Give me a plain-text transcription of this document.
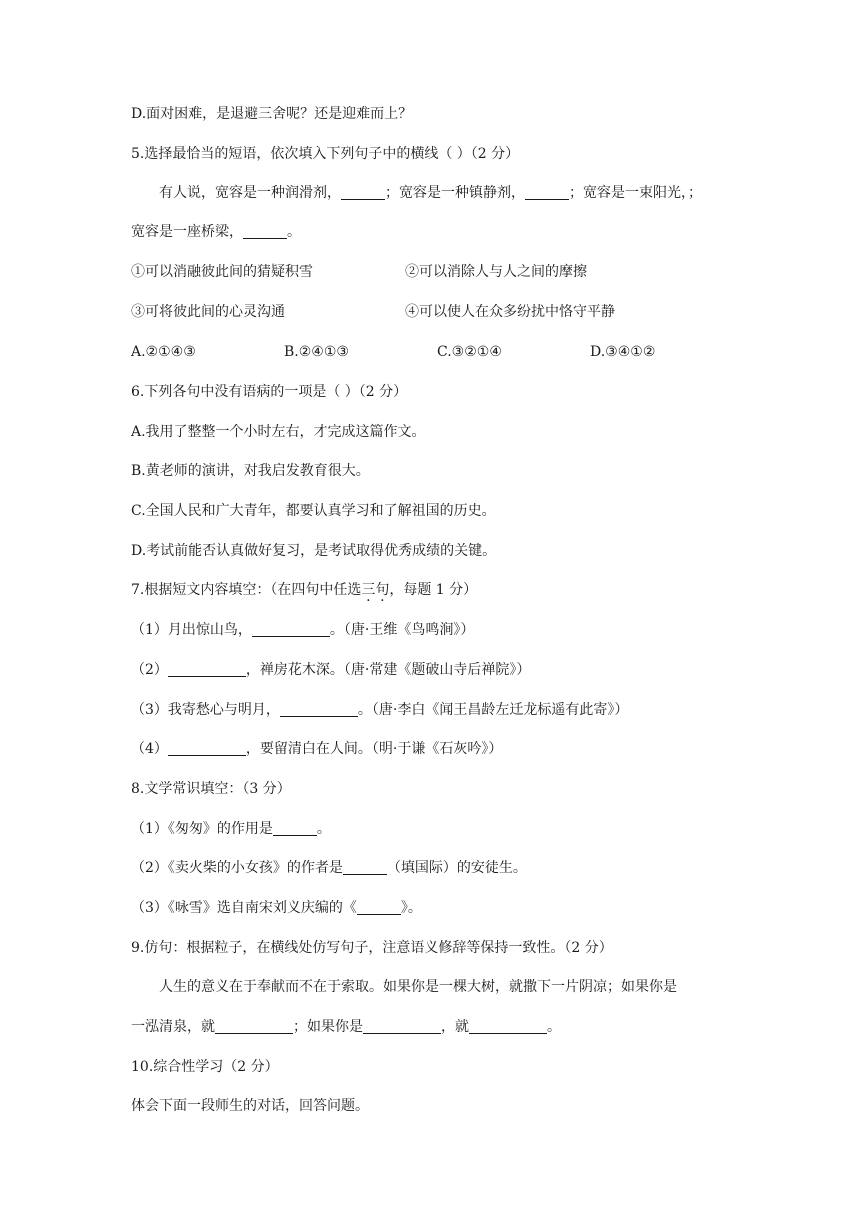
D.面对困难，是退避三舍呢？还是迎难而上？
5.选择最恰当的短语，依次填入下列句子中的横线（ ）（2 分）
有人说，宽容是一种润滑剂，	；宽容是一种镇静剂，	；宽容是一束阳光，；
宽容是一座桥梁，	。
①可以消融彼此间的猜疑积雪	②可以消除人与人之间的摩擦
③可将彼此间的心灵沟通	④可以使人在众多纷扰中恪守平静
A.②①④③	B.②④①③	C.③②①④	D.③④①②
6.下列各句中没有语病的一项是（ ）（2 分）
A.我用了整整一个小时左右，才完成这篇作文。
B.黄老师的演讲，对我启发教育很大。
C.全国人民和广大青年，都要认真学习和了解祖国的历史。
D.考试前能否认真做好复习，是考试取得优秀成绩的关键。
7.根据短文内容填空：（在四句中任选三句，每题 1 分）
（1）月出惊山鸟，	。（唐·王维《鸟鸣涧》）
（2）	，禅房花木深。（唐·常建《题破山寺后禅院》）
（3）我寄愁心与明月，	。（唐·李白《闻王昌龄左迁龙标遥有此寄》）
（4）	，要留清白在人间。（明·于谦《石灰吟》）
8.文学常识填空：（3 分）
（1）《匆匆》的作用是	。
（2）《卖火柴的小女孩》的作者是	（填国际）的安徒生。
（3）《咏雪》选自南宋刘义庆编的《	》。
9.仿句：根据粒子，在横线处仿写句子，注意语义修辞等保持一致性。（2 分）
人生的意义在于奉献而不在于索取。如果你是一棵大树，就撒下一片阴凉；如果你是
一泓清泉，就	；如果你是	，就	。
10.综合性学习（2 分）
体会下面一段师生的对话，回答问题。
